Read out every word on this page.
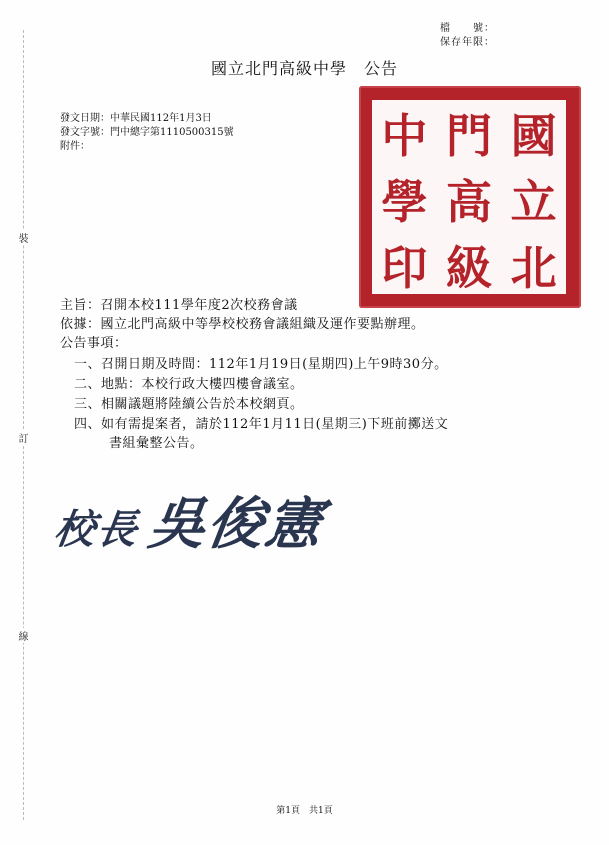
裝
訂
線
檔　　號：
保存年限：
國立北門高級中學　公告
發文日期：中華民國112年1月3日
發文字號：門中總字第1110500315號
附件：	國
立
北
門
高
級
中
學
印
主旨：召開本校111學年度2次校務會議
依據：國立北門高級中等學校校務會議組織及運作要點辦理。
公告事項：
一、召開日期及時間：112年1月19日(星期四)上午9時30分。
二、地點：本校行政大樓四樓會議室。
三、相關議題將陸續公告於本校網頁。
四、如有需提案者，請於112年1月11日(星期三)下班前擲送文
書組彙整公告。
校長吳俊憲
第1頁　共1頁
